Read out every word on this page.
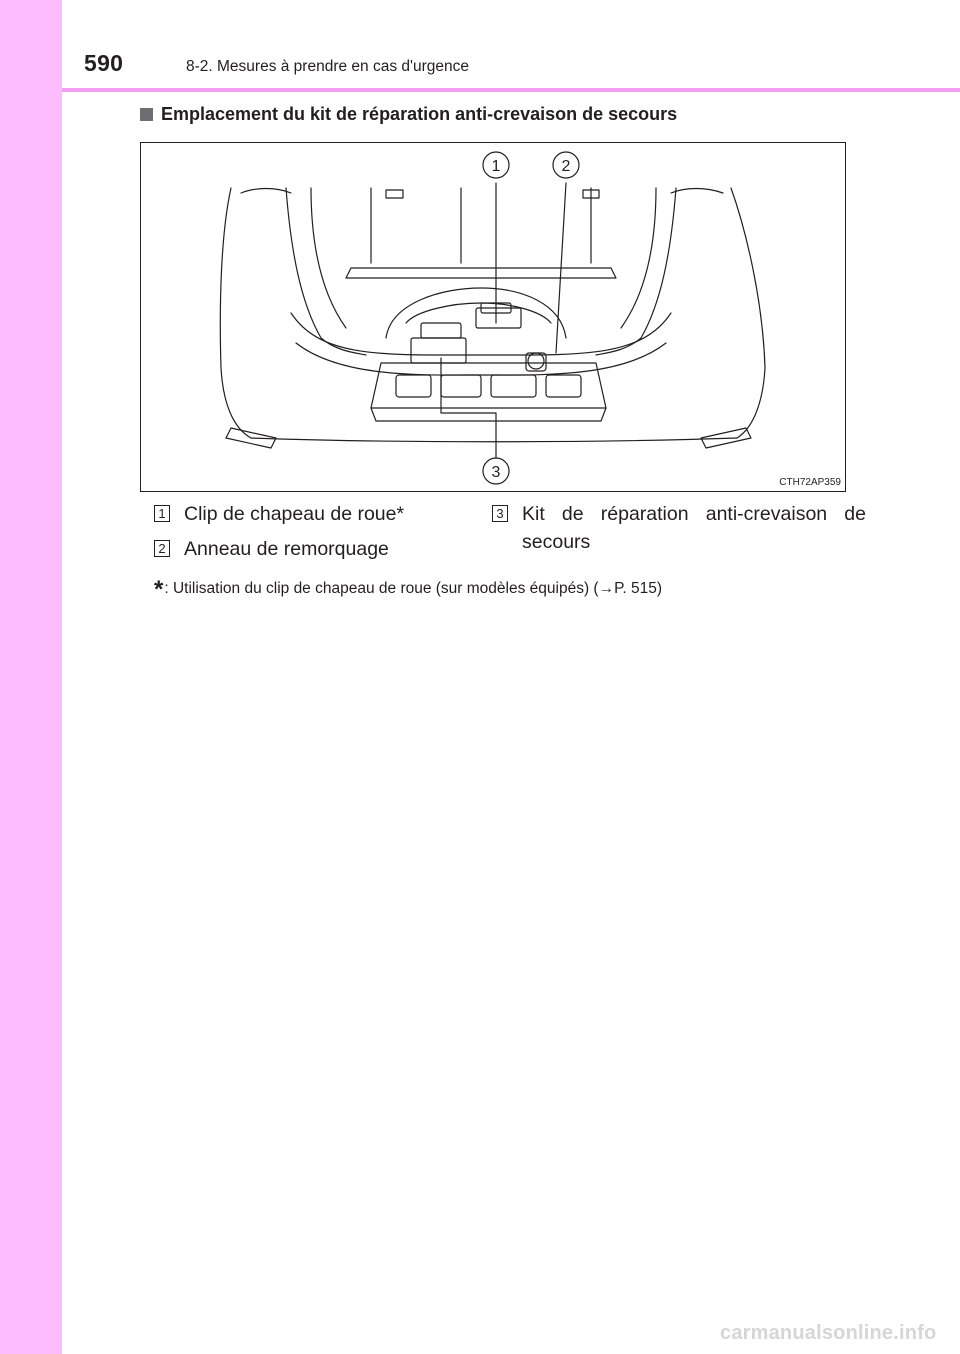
590	8-2. Mesures à prendre en cas d'urgence
Emplacement du kit de réparation anti-crevaison de secours
1	2
3
CTH72AP359
1 Clip de chapeau de roue*
2 Anneau de remorquage
3 Kit de réparation anti-crevaison de secours
*: Utilisation du clip de chapeau de roue (sur modèles équipés) (→P. 515)
carmanualsonline.info
